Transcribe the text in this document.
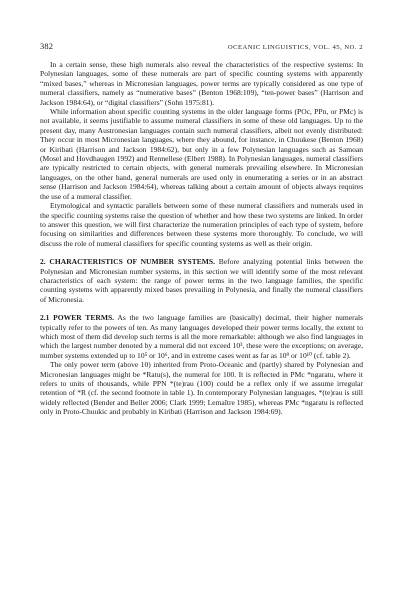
382	OCEANIC LINGUISTICS, VOL. 45, NO. 2

In a certain sense, these high numerals also reveal the characteristics of the respective systems: In Polynesian languages, some of these numerals are part of specific counting systems with apparently “mixed bases,” whereas in Micronesian languages, power terms are typically considered as one type of numeral classifiers, namely as “numerative bases” (Benton 1968:109), “ten-power bases” (Harrison and Jackson 1984:64), or “digital classifiers” (Sohn 1975:81).

While information about specific counting systems in the older language forms (POc, PPn, or PMc) is not available, it seems justifiable to assume numeral classifiers in some of these old languages. Up to the present day, many Austronesian languages contain such numeral classifiers, albeit not evenly distributed: They occur in most Micronesian languages, where they abound, for instance, in Chuukese (Benton 1968) or Kiribati (Harrison and Jackson 1984:62), but only in a few Polynesian languages such as Samoan (Mosel and Hovdhaugen 1992) and Rennellese (Elbert 1988). In Polynesian languages, numeral classifiers are typically restricted to certain objects, with general numerals prevailing elsewhere. In Micronesian languages, on the other hand, general numerals are used only in enumerating a series or in an abstract sense (Harrison and Jackson 1984:64), whereas talking about a certain amount of objects always requires the use of a numeral classifier.

Etymological and syntactic parallels between some of these numeral classifiers and numerals used in the specific counting systems raise the question of whether and how these two systems are linked. In order to answer this question, we will first characterize the numeration principles of each type of system, before focusing on similarities and differences between these systems more thoroughly. To conclude, we will discuss the role of numeral classifiers for specific counting systems as well as their origin.

2. CHARACTERISTICS OF NUMBER SYSTEMS. Before analyzing potential links between the Polynesian and Micronesian number systems, in this section we will identify some of the most relevant characteristics of each system: the range of power terms in the two language families, the specific counting systems with apparently mixed bases prevailing in Polynesia, and finally the numeral classifiers of Micronesia.

2.1 POWER TERMS. As the two language families are (basically) decimal, their higher numerals typically refer to the powers of ten. As many languages developed their power terms locally, the extent to which most of them did develop such terms is all the more remarkable: although we also find languages in which the largest number denoted by a numeral did not exceed 10³, these were the exceptions; on average, number systems extended up to 10⁵ or 10⁶, and in extreme cases went as far as 10⁹ or 10¹⁰ (cf. table 2).

The only power term (above 10) inherited from Proto-Oceanic and (partly) shared by Polynesian and Micronesian languages might be *Ratu(s), the numeral for 100. It is reflected in PMc *ngaratu, where it refers to units of thousands, while PPN *(te)rau (100) could be a reflex only if we assume irregular retention of *R (cf. the second footnote in table 1). In contemporary Polynesian languages, *(te)rau is still widely reflected (Bender and Beller 2006; Clark 1999; Lemaître 1985), whereas PMc *ngaratu is reflected only in Proto-Chuukic and probably in Kiribati (Harrison and Jackson 1984:69).
